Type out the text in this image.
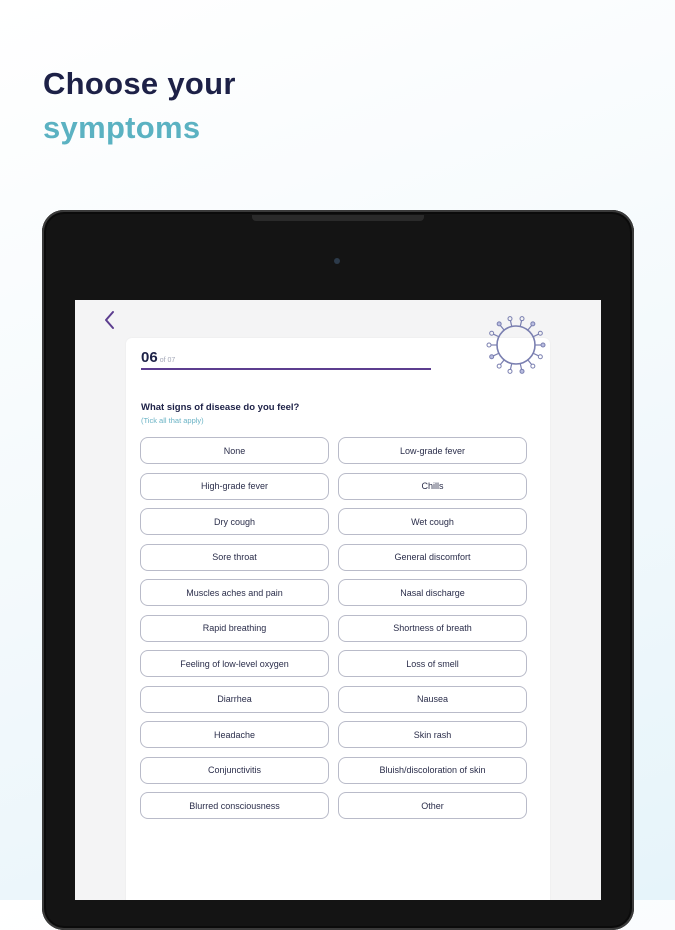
Choose your
symptoms
06 of 07
What signs of disease do you feel?
(Tick all that apply)
None	Low-grade fever
High-grade fever	Chills
Dry cough	Wet cough
Sore throat	General discomfort
Muscles aches and pain	Nasal discharge
Rapid breathing	Shortness of breath
Feeling of low-level oxygen	Loss of smell
Diarrhea	Nausea
Headache	Skin rash
Conjunctivitis	Bluish/discoloration of skin
Blurred consciousness	Other
